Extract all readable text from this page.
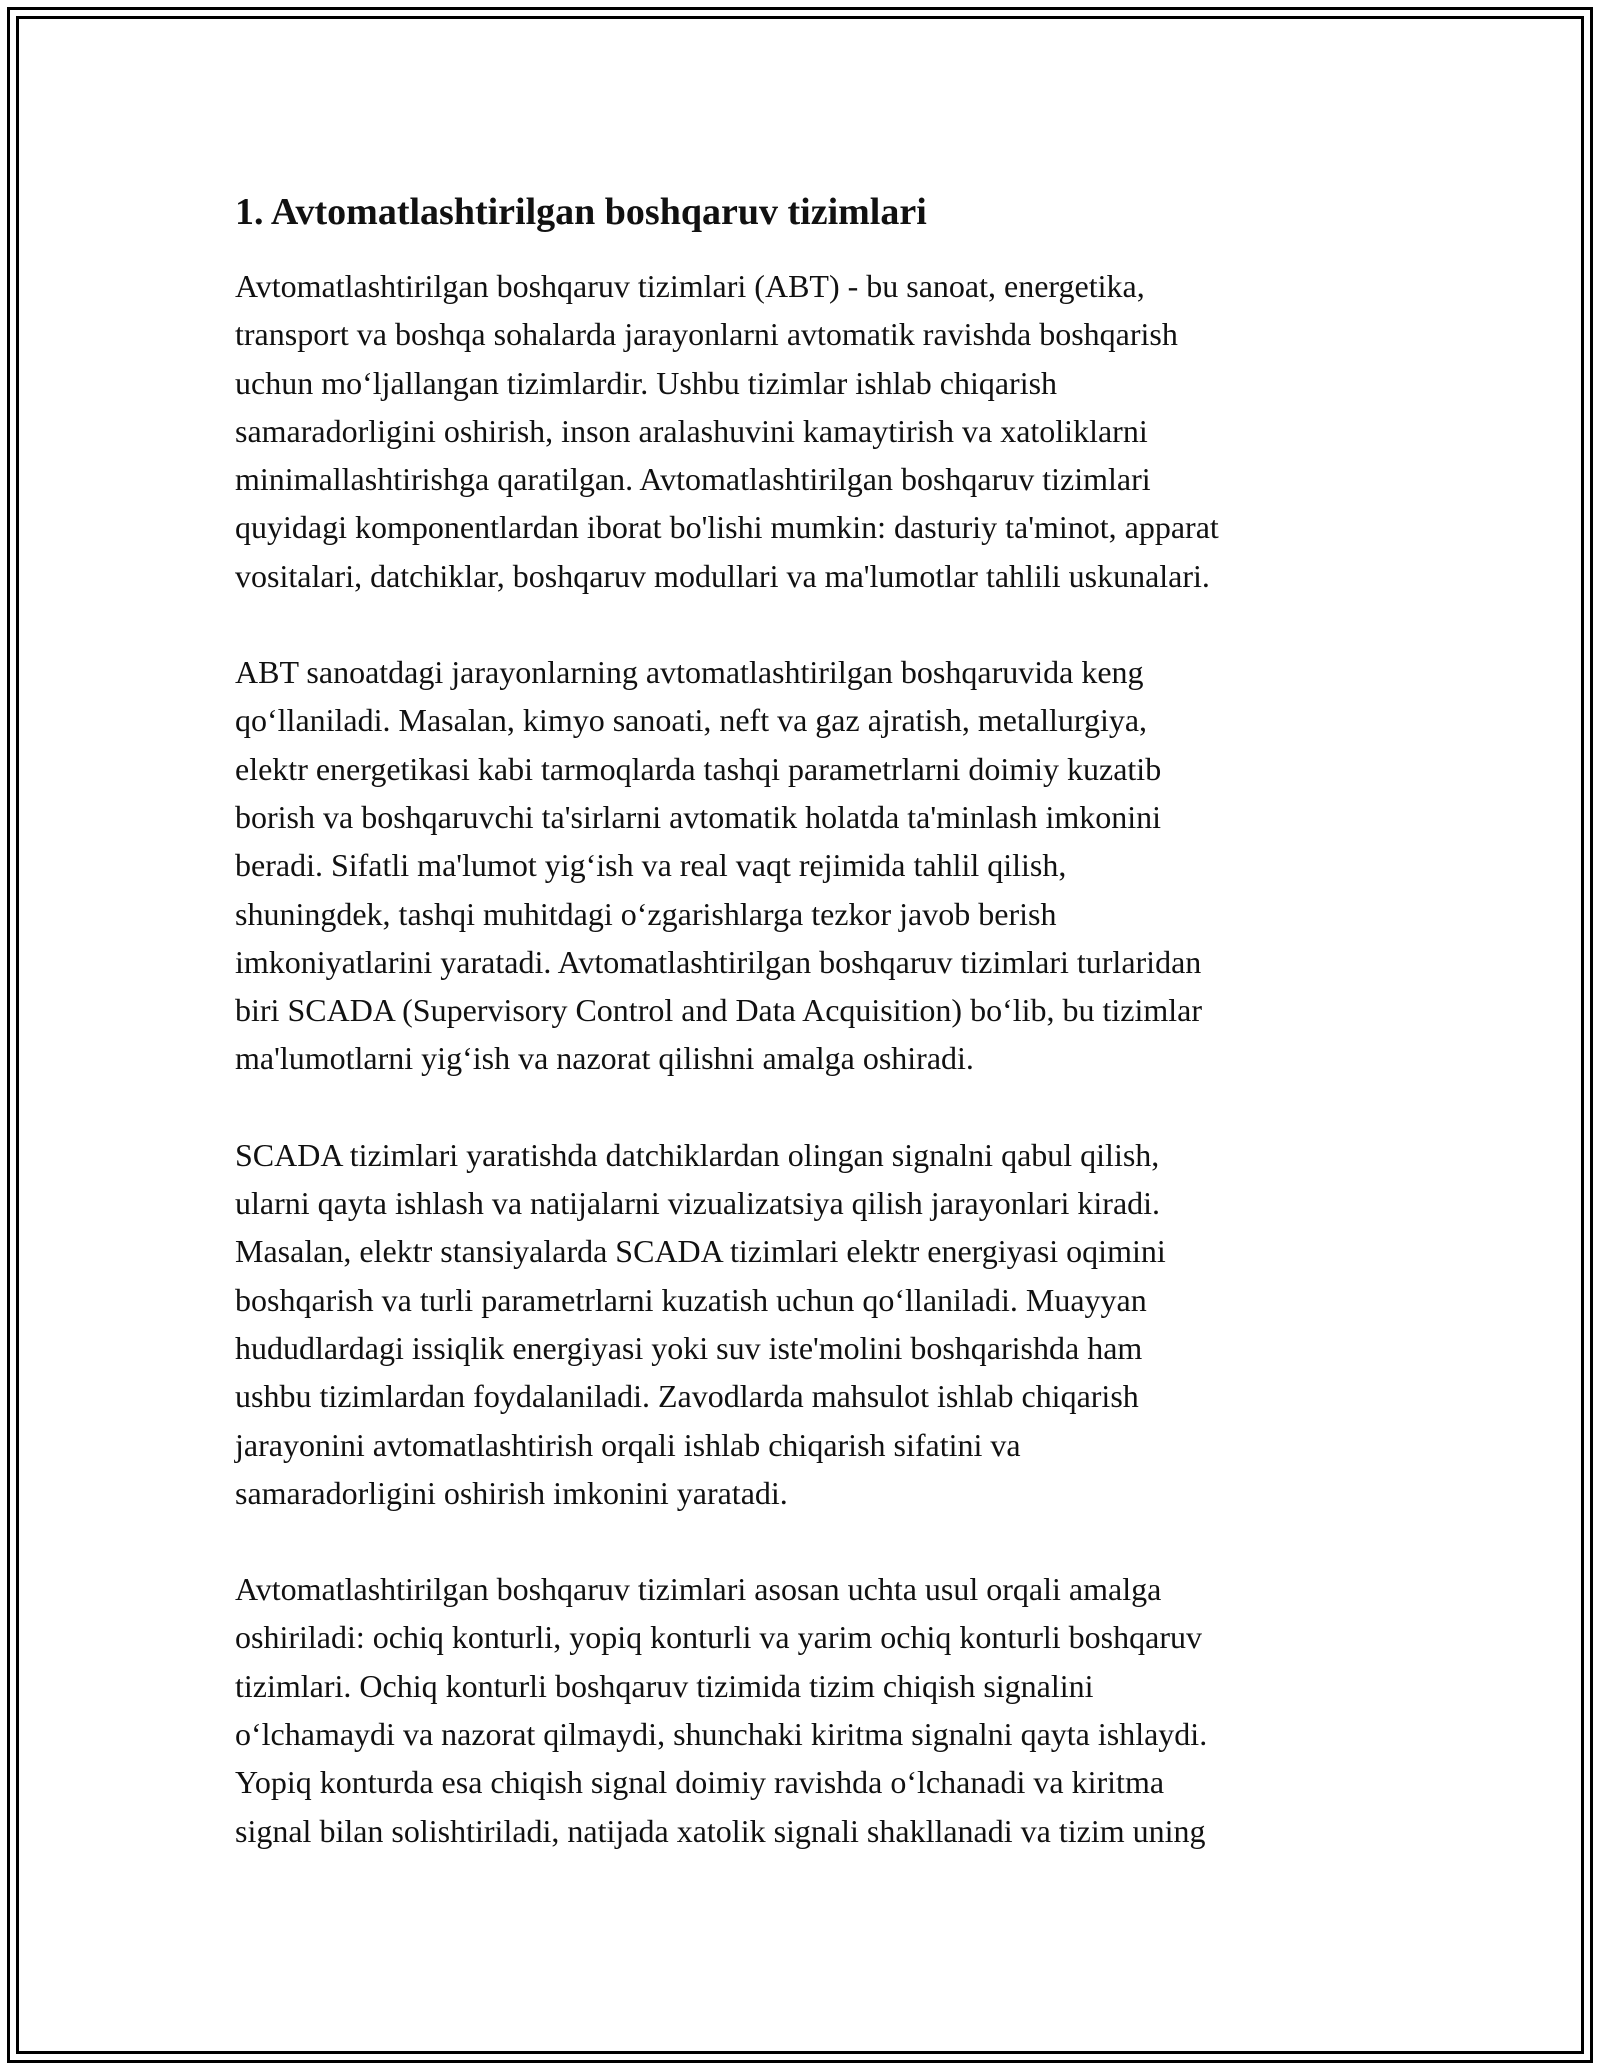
1. Avtomatlashtirilgan boshqaruv tizimlari

Avtomatlashtirilgan boshqaruv tizimlari (ABT) - bu sanoat, energetika,
transport va boshqa sohalarda jarayonlarni avtomatik ravishda boshqarish
uchun moʻljallangan tizimlardir. Ushbu tizimlar ishlab chiqarish
samaradorligini oshirish, inson aralashuvini kamaytirish va xatoliklarni
minimallashtirishga qaratilgan. Avtomatlashtirilgan boshqaruv tizimlari
quyidagi komponentlardan iborat bo'lishi mumkin: dasturiy ta'minot, apparat
vositalari, datchiklar, boshqaruv modullari va ma'lumotlar tahlili uskunalari.

ABT sanoatdagi jarayonlarning avtomatlashtirilgan boshqaruvida keng
qoʻllaniladi. Masalan, kimyo sanoati, neft va gaz ajratish, metallurgiya,
elektr energetikasi kabi tarmoqlarda tashqi parametrlarni doimiy kuzatib
borish va boshqaruvchi ta'sirlarni avtomatik holatda ta'minlash imkonini
beradi. Sifatli ma'lumot yigʻish va real vaqt rejimida tahlil qilish,
shuningdek, tashqi muhitdagi oʻzgarishlarga tezkor javob berish
imkoniyatlarini yaratadi. Avtomatlashtirilgan boshqaruv tizimlari turlaridan
biri SCADA (Supervisory Control and Data Acquisition) boʻlib, bu tizimlar
ma'lumotlarni yigʻish va nazorat qilishni amalga oshiradi.

SCADA tizimlari yaratishda datchiklardan olingan signalni qabul qilish,
ularni qayta ishlash va natijalarni vizualizatsiya qilish jarayonlari kiradi.
Masalan, elektr stansiyalarda SCADA tizimlari elektr energiyasi oqimini
boshqarish va turli parametrlarni kuzatish uchun qoʻllaniladi. Muayyan
hududlardagi issiqlik energiyasi yoki suv iste'molini boshqarishda ham
ushbu tizimlardan foydalaniladi. Zavodlarda mahsulot ishlab chiqarish
jarayonini avtomatlashtirish orqali ishlab chiqarish sifatini va
samaradorligini oshirish imkonini yaratadi.

Avtomatlashtirilgan boshqaruv tizimlari asosan uchta usul orqali amalga
oshiriladi: ochiq konturli, yopiq konturli va yarim ochiq konturli boshqaruv
tizimlari. Ochiq konturli boshqaruv tizimida tizim chiqish signalini
oʻlchamaydi va nazorat qilmaydi, shunchaki kiritma signalni qayta ishlaydi.
Yopiq konturda esa chiqish signal doimiy ravishda oʻlchanadi va kiritma
signal bilan solishtiriladi, natijada xatolik signali shakllanadi va tizim uning
